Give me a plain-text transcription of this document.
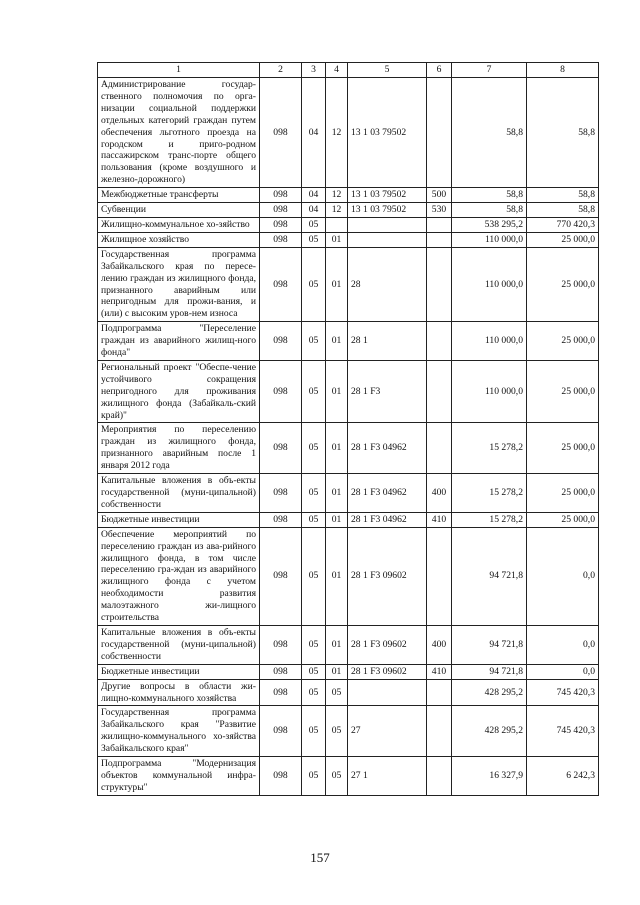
1	2	3	4	5	6	7	8
Администрирование государ-ственного полномочия по орга-низации социальной поддержки отдельных категорий граждан путем обеспечения льготного проезда на городском и приго-родном пассажирском транс-порте общего пользования (кроме воздушного и железно-дорожного)	098	04	12	13 1 03 79502		58,8	58,8
Межбюджетные трансферты	098	04	12	13 1 03 79502	500	58,8	58,8
Субвенции	098	04	12	13 1 03 79502	530	58,8	58,8
Жилищно-коммунальное хо-зяйство	098	05				538 295,2	770 420,3
Жилищное хозяйство	098	05	01			110 000,0	25 000,0
Государственная программа Забайкальского края по пересе-лению граждан из жилищного фонда, признанного аварийным или непригодным для прожи-вания, и (или) с высоким уров-нем износа	098	05	01	28		110 000,0	25 000,0
Подпрограмма "Переселение граждан из аварийного жилищ-ного фонда"	098	05	01	28 1		110 000,0	25 000,0
Региональный проект "Обеспе-чение устойчивого сокращения непригодного для проживания жилищного фонда (Забайкаль-ский край)"	098	05	01	28 1 F3		110 000,0	25 000,0
Мероприятия по переселению граждан из жилищного фонда, признанного аварийным после 1 января 2012 года	098	05	01	28 1 F3 04962		15 278,2	25 000,0
Капитальные вложения в объ-екты государственной (муни-ципальной) собственности	098	05	01	28 1 F3 04962	400	15 278,2	25 000,0
Бюджетные инвестиции	098	05	01	28 1 F3 04962	410	15 278,2	25 000,0
Обеспечение мероприятий по переселению граждан из ава-рийного жилищного фонда, в том числе переселению гра-ждан из аварийного жилищного фонда с учетом необходимости развития малоэтажного жи-лищного строительства	098	05	01	28 1 F3 09602		94 721,8	0,0
Капитальные вложения в объ-екты государственной (муни-ципальной) собственности	098	05	01	28 1 F3 09602	400	94 721,8	0,0
Бюджетные инвестиции	098	05	01	28 1 F3 09602	410	94 721,8	0,0
Другие вопросы в области жи-лищно-коммунального хозяйства	098	05	05			428 295,2	745 420,3
Государственная программа Забайкальского края "Развитие жилищно-коммунального хо-зяйства Забайкальского края"	098	05	05	27		428 295,2	745 420,3
Подпрограмма "Модернизация объектов коммунальной инфра-структуры"	098	05	05	27 1		16 327,9	6 242,3
157
